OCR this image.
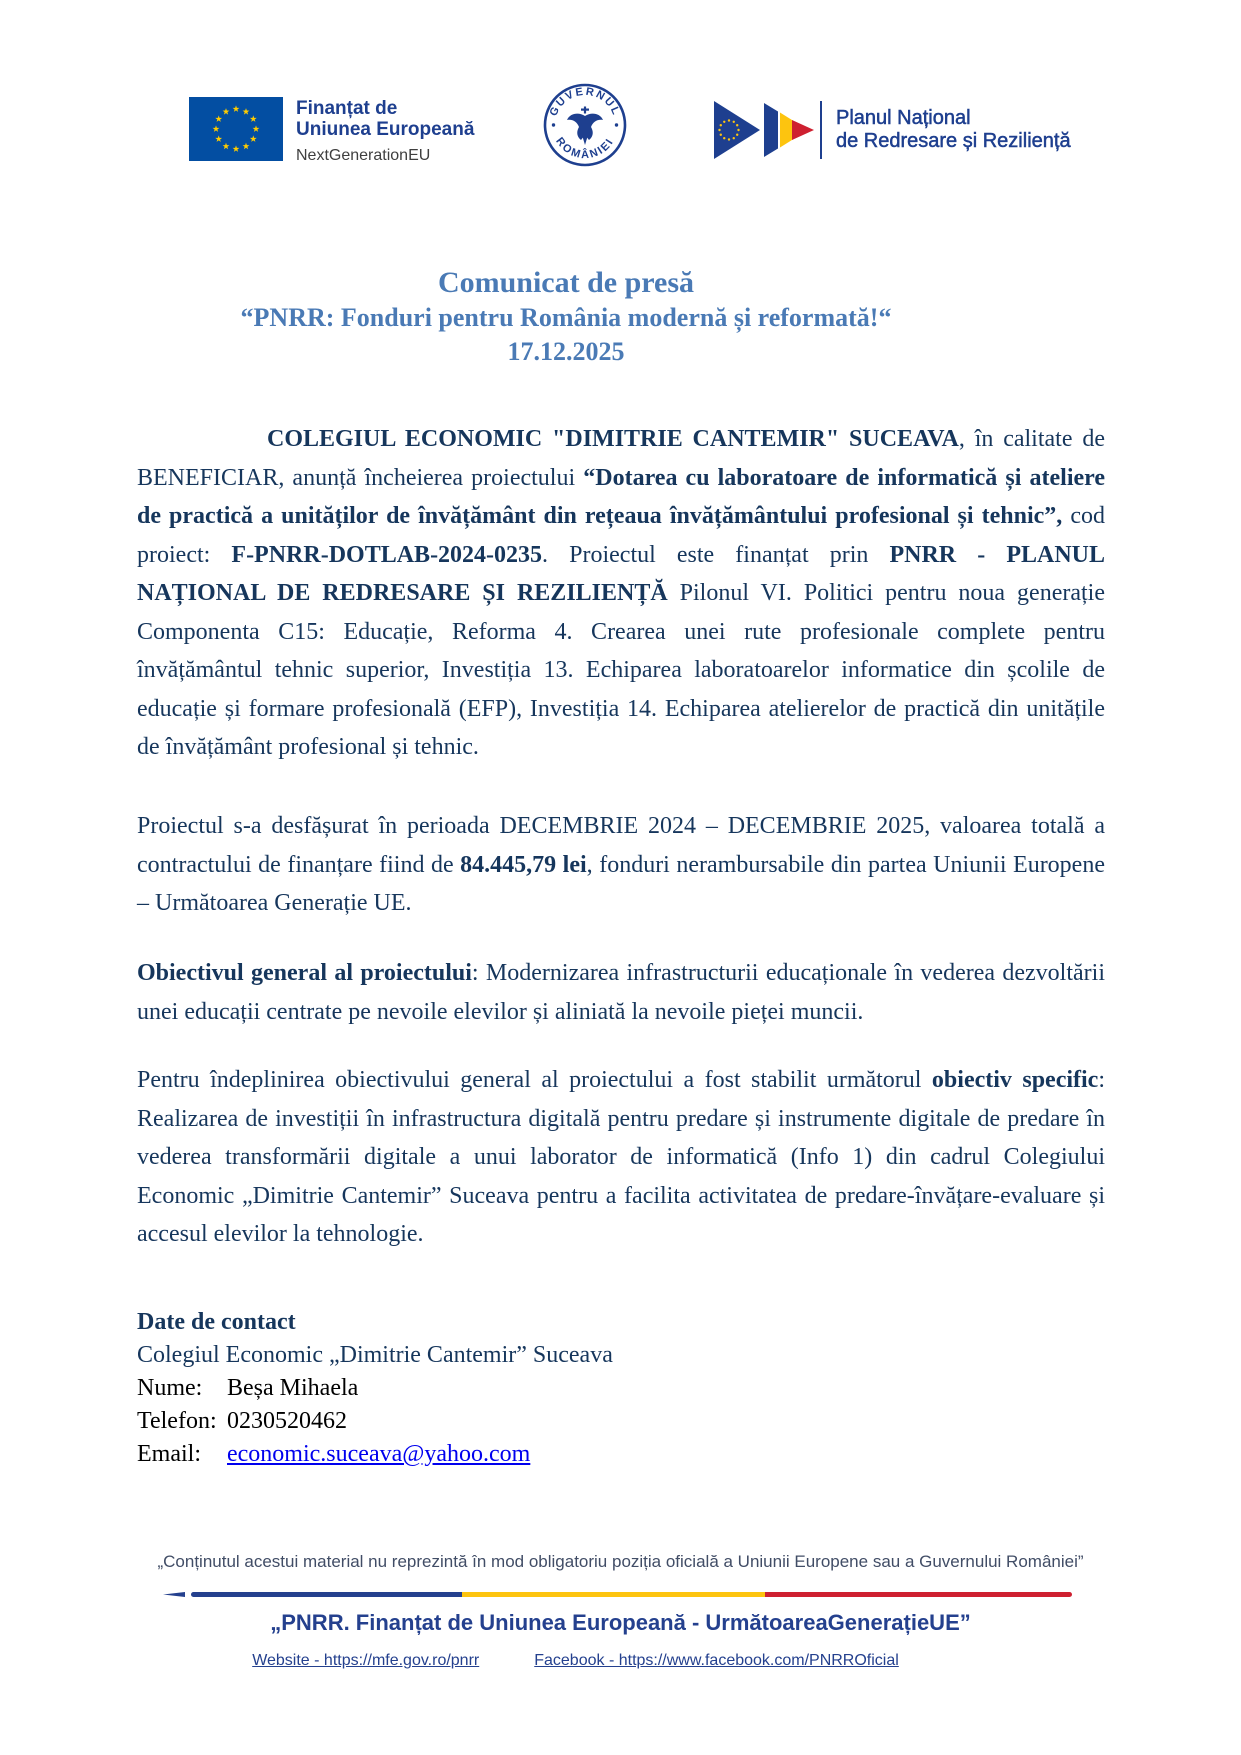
Finanțat de
Uniunea Europeană
NextGenerationEU
GUVERNUL
ROMÂNIEI
Planul Național
de Redresare și Reziliență
Comunicat de presă
“PNRR: Fonduri pentru România modernă și reformată!“
17.12.2025

COLEGIUL ECONOMIC "DIMITRIE CANTEMIR" SUCEAVA, în calitate de BENEFICIAR, anunță încheierea proiectului “Dotarea cu laboratoare de informatică și ateliere de practică a unităților de învățământ din rețeaua învățământului profesional și tehnic”, cod proiect: F-PNRR-DOTLAB-2024-0235. Proiectul este finanțat prin PNRR - PLANUL NAȚIONAL DE REDRESARE ȘI REZILIENȚĂ Pilonul VI. Politici pentru noua generație Componenta C15: Educație, Reforma 4. Crearea unei rute profesionale complete pentru învățământul tehnic superior, Investiția 13. Echiparea laboratoarelor informatice din școlile de educație și formare profesională (EFP), Investiția 14. Echiparea atelierelor de practică din unitățile de învățământ profesional și tehnic.

Proiectul s-a desfășurat în perioada DECEMBRIE 2024 – DECEMBRIE 2025, valoarea totală a contractului de finanțare fiind de 84.445,79 lei, fonduri nerambursabile din partea Uniunii Europene – Următoarea Generație UE.

Obiectivul general al proiectului: Modernizarea infrastructurii educaționale în vederea dezvoltării unei educații centrate pe nevoile elevilor și aliniată la nevoile pieței muncii.

Pentru îndeplinirea obiectivului general al proiectului a fost stabilit următorul obiectiv specific: Realizarea de investiții în infrastructura digitală pentru predare și instrumente digitale de predare în vederea transformării digitale a unui laborator de informatică (Info 1) din cadrul Colegiului Economic „Dimitrie Cantemir” Suceava pentru a facilita activitatea de predare-învățare-evaluare și accesul elevilor la tehnologie.

Date de contact
Colegiul Economic „Dimitrie Cantemir” Suceava
Nume: Beșa Mihaela
Telefon: 0230520462
Email: economic.suceava@yahoo.com
„Conținutul acestui material nu reprezintă în mod obligatoriu poziția oficială a Uniunii Europene sau a Guvernului României”
„PNRR. Finanțat de Uniunea Europeană - UrmătoareaGenerațieUE”
Website - https://mfe.gov.ro/pnrr	Facebook - https://www.facebook.com/PNRROficial
